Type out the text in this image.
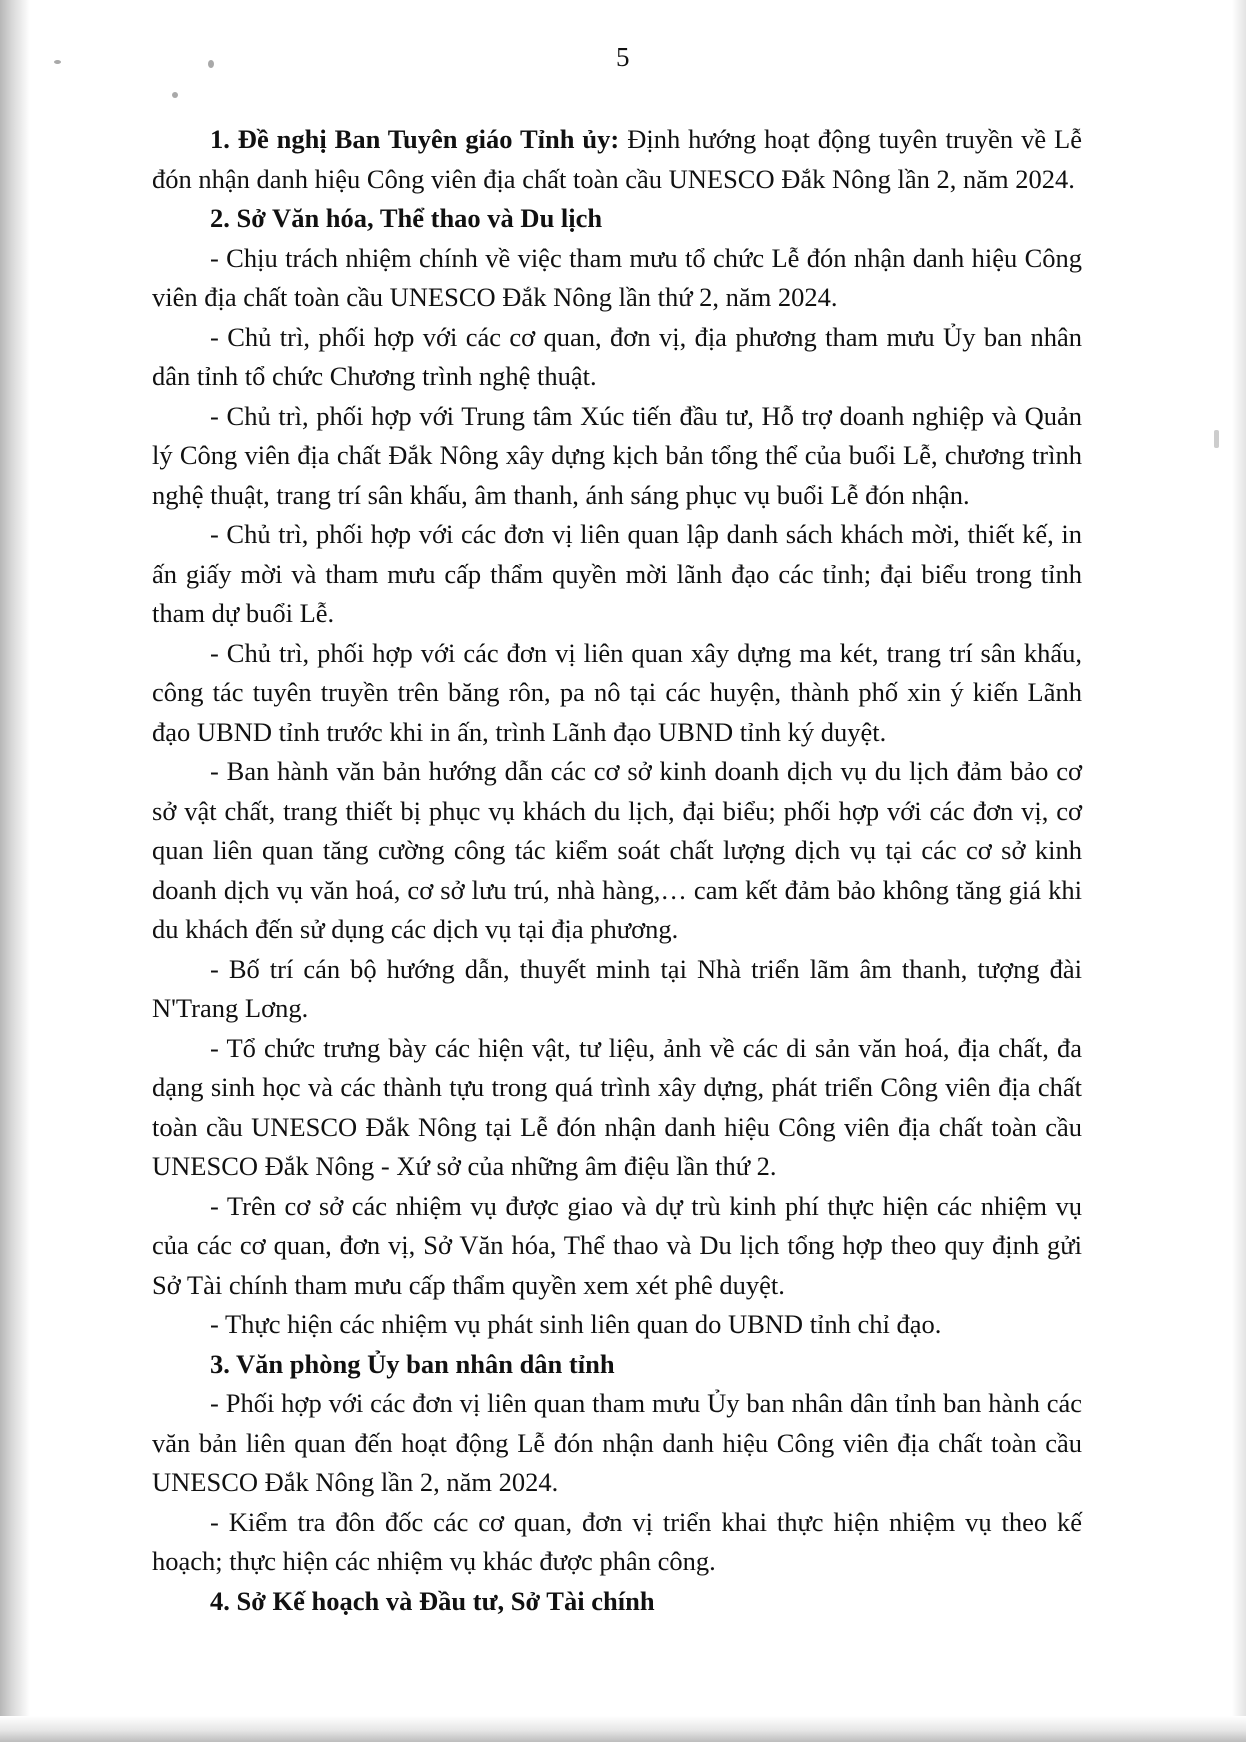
5

1. Đề nghị Ban Tuyên giáo Tỉnh ủy: Định hướng hoạt động tuyên truyền về Lễ đón nhận danh hiệu Công viên địa chất toàn cầu UNESCO Đắk Nông lần 2, năm 2024.

2. Sở Văn hóa, Thể thao và Du lịch

- Chịu trách nhiệm chính về việc tham mưu tổ chức Lễ đón nhận danh hiệu Công viên địa chất toàn cầu UNESCO Đắk Nông lần thứ 2, năm 2024.

- Chủ trì, phối hợp với các cơ quan, đơn vị, địa phương tham mưu Ủy ban nhân dân tỉnh tổ chức Chương trình nghệ thuật.

- Chủ trì, phối hợp với Trung tâm Xúc tiến đầu tư, Hỗ trợ doanh nghiệp và Quản lý Công viên địa chất Đắk Nông xây dựng kịch bản tổng thể của buổi Lễ, chương trình nghệ thuật, trang trí sân khấu, âm thanh, ánh sáng phục vụ buổi Lễ đón nhận.

- Chủ trì, phối hợp với các đơn vị liên quan lập danh sách khách mời, thiết kế, in ấn giấy mời và tham mưu cấp thẩm quyền mời lãnh đạo các tỉnh; đại biểu trong tỉnh tham dự buổi Lễ.

- Chủ trì, phối hợp với các đơn vị liên quan xây dựng ma két, trang trí sân khấu, công tác tuyên truyền trên băng rôn, pa nô tại các huyện, thành phố xin ý kiến Lãnh đạo UBND tỉnh trước khi in ấn, trình Lãnh đạo UBND tỉnh ký duyệt.

- Ban hành văn bản hướng dẫn các cơ sở kinh doanh dịch vụ du lịch đảm bảo cơ sở vật chất, trang thiết bị phục vụ khách du lịch, đại biểu; phối hợp với các đơn vị, cơ quan liên quan tăng cường công tác kiểm soát chất lượng dịch vụ tại các cơ sở kinh doanh dịch vụ văn hoá, cơ sở lưu trú, nhà hàng,… cam kết đảm bảo không tăng giá khi du khách đến sử dụng các dịch vụ tại địa phương.

- Bố trí cán bộ hướng dẫn, thuyết minh tại Nhà triển lãm âm thanh, tượng đài N'Trang Lơng.

- Tổ chức trưng bày các hiện vật, tư liệu, ảnh về các di sản văn hoá, địa chất, đa dạng sinh học và các thành tựu trong quá trình xây dựng, phát triển Công viên địa chất toàn cầu UNESCO Đắk Nông tại Lễ đón nhận danh hiệu Công viên địa chất toàn cầu UNESCO Đắk Nông - Xứ sở của những âm điệu lần thứ 2.

- Trên cơ sở các nhiệm vụ được giao và dự trù kinh phí thực hiện các nhiệm vụ của các cơ quan, đơn vị, Sở Văn hóa, Thể thao và Du lịch tổng hợp theo quy định gửi Sở Tài chính tham mưu cấp thẩm quyền xem xét phê duyệt.

- Thực hiện các nhiệm vụ phát sinh liên quan do UBND tỉnh chỉ đạo.

3. Văn phòng Ủy ban nhân dân tỉnh

- Phối hợp với các đơn vị liên quan tham mưu Ủy ban nhân dân tỉnh ban hành các văn bản liên quan đến hoạt động Lễ đón nhận danh hiệu Công viên địa chất toàn cầu UNESCO Đắk Nông lần 2, năm 2024.

- Kiểm tra đôn đốc các cơ quan, đơn vị triển khai thực hiện nhiệm vụ theo kế hoạch; thực hiện các nhiệm vụ khác được phân công.

4. Sở Kế hoạch và Đầu tư, Sở Tài chính
